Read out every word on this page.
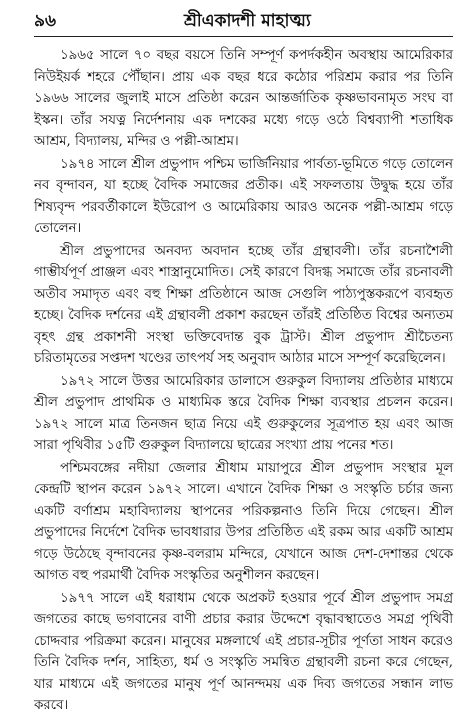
৯৬	শ্রীএকাদশী মাহাত্ম্য

১৯৬৫ সালে ৭০ বছর বয়সে তিনি সম্পূর্ণ কপর্দকহীন অবস্থায় আমেরিকার নিউইয়র্ক শহরে পৌঁছান। প্রায় এক বছর ধরে কঠোর পরিশ্রম করার পর তিনি ১৯৬৬ সালের জুলাই মাসে প্রতিষ্ঠা করেন আন্তর্জাতিক কৃষ্ণভাবনামৃত সংঘ বা ইস্কন। তাঁর সযত্ন নির্দেশনায় এক দশকের মধ্যে গড়ে ওঠে বিশ্বব্যাপী শতাধিক আশ্রম, বিদ্যালয়, মন্দির ও পল্লী-আশ্রম।

১৯৭৪ সালে শ্রীল প্রভুপাদ পশ্চিম ভার্জিনিয়ার পার্বত্য-ভূমিতে গড়ে তোলেন নব বৃন্দাবন, যা হচ্ছে বৈদিক সমাজের প্রতীক। এই সফলতায় উদ্বুদ্ধ হয়ে তাঁর শিষ্যবৃন্দ পরবর্তীকালে ইউরোপ ও আমেরিকায় আরও অনেক পল্লী-আশ্রম গড়ে তোলেন।

শ্রীল প্রভুপাদের অনবদ্য অবদান হচ্ছে তাঁর গ্রন্থাবলী। তাঁর রচনাশৈলী গাম্ভীর্যপূর্ণ প্রাঞ্জল এবং শাস্ত্রানুমোদিত। সেই কারণে বিদগ্ধ সমাজে তাঁর রচনাবলী অতীব সমাদৃত এবং বহু শিক্ষা প্রতিষ্ঠানে আজ সেগুলি পাঠ্যপুস্তকরূপে ব্যবহৃত হচ্ছে। বৈদিক দর্শনের এই গ্রন্থাবলী প্রকাশ করছেন তাঁরই প্রতিষ্ঠিত বিশ্বের অন্যতম বৃহৎ গ্রন্থ প্রকাশনী সংস্থা ভক্তিবেদান্ত বুক ট্রাস্ট। শ্রীল প্রভুপাদ শ্রীচৈতন্য চরিতামৃতের সপ্তদশ খণ্ডের তাৎপর্য সহ অনুবাদ আঠার মাসে সম্পূর্ণ করেছিলেন।

১৯৭২ সালে উত্তর আমেরিকার ডালাসে গুরুকুল বিদ্যালয় প্রতিষ্ঠার মাধ্যমে শ্রীল প্রভুপাদ প্রাথমিক ও মাধ্যমিক স্তরে বৈদিক শিক্ষা ব্যবস্থার প্রচলন করেন। ১৯৭২ সালে মাত্র তিনজন ছাত্র নিয়ে এই গুরুকুলের সূত্রপাত হয় এবং আজ সারা পৃথিবীর ১৫টি গুরুকুল বিদ্যালয়ে ছাত্রের সংখ্যা প্রায় পনের শত।

পশ্চিমবঙ্গের নদীয়া জেলার শ্রীধাম মায়াপুরে শ্রীল প্রভুপাদ সংস্থার মূল কেন্দ্রটি স্থাপন করেন ১৯৭২ সালে। এখানে বৈদিক শিক্ষা ও সংস্কৃতি চর্চার জন্য একটি বর্ণাশ্রম মহাবিদ্যালয় স্থাপনের পরিকল্পনাও তিনি দিয়ে গেছেন। শ্রীল প্রভুপাদের নির্দেশে বৈদিক ভাবধারার উপর প্রতিষ্ঠিত এই রকম আর একটি আশ্রম গড়ে উঠেছে বৃন্দাবনের কৃষ্ণ-বলরাম মন্দিরে, যেখানে আজ দেশ-দেশান্তর থেকে আগত বহু পরমার্থী বৈদিক সংস্কৃতির অনুশীলন করছেন।

১৯৭৭ সালে এই ধরাধাম থেকে অপ্রকট হওয়ার পূর্বে শ্রীল প্রভুপাদ সমগ্র জগতের কাছে ভগবানের বাণী প্রচার করার উদ্দেশে বৃদ্ধাবস্থাতেও সমগ্র পৃথিবী চোদ্দবার পরিক্রমা করেন। মানুষের মঙ্গলার্থে এই প্রচার-সূচীর পূর্ণতা সাধন করেও তিনি বৈদিক দর্শন, সাহিত্য, ধর্ম ও সংস্কৃতি সমন্বিত গ্রন্থাবলী রচনা করে গেছেন, যার মাধ্যমে এই জগতের মানুষ পূর্ণ আনন্দময় এক দিব্য জগতের সন্ধান লাভ করবে।
